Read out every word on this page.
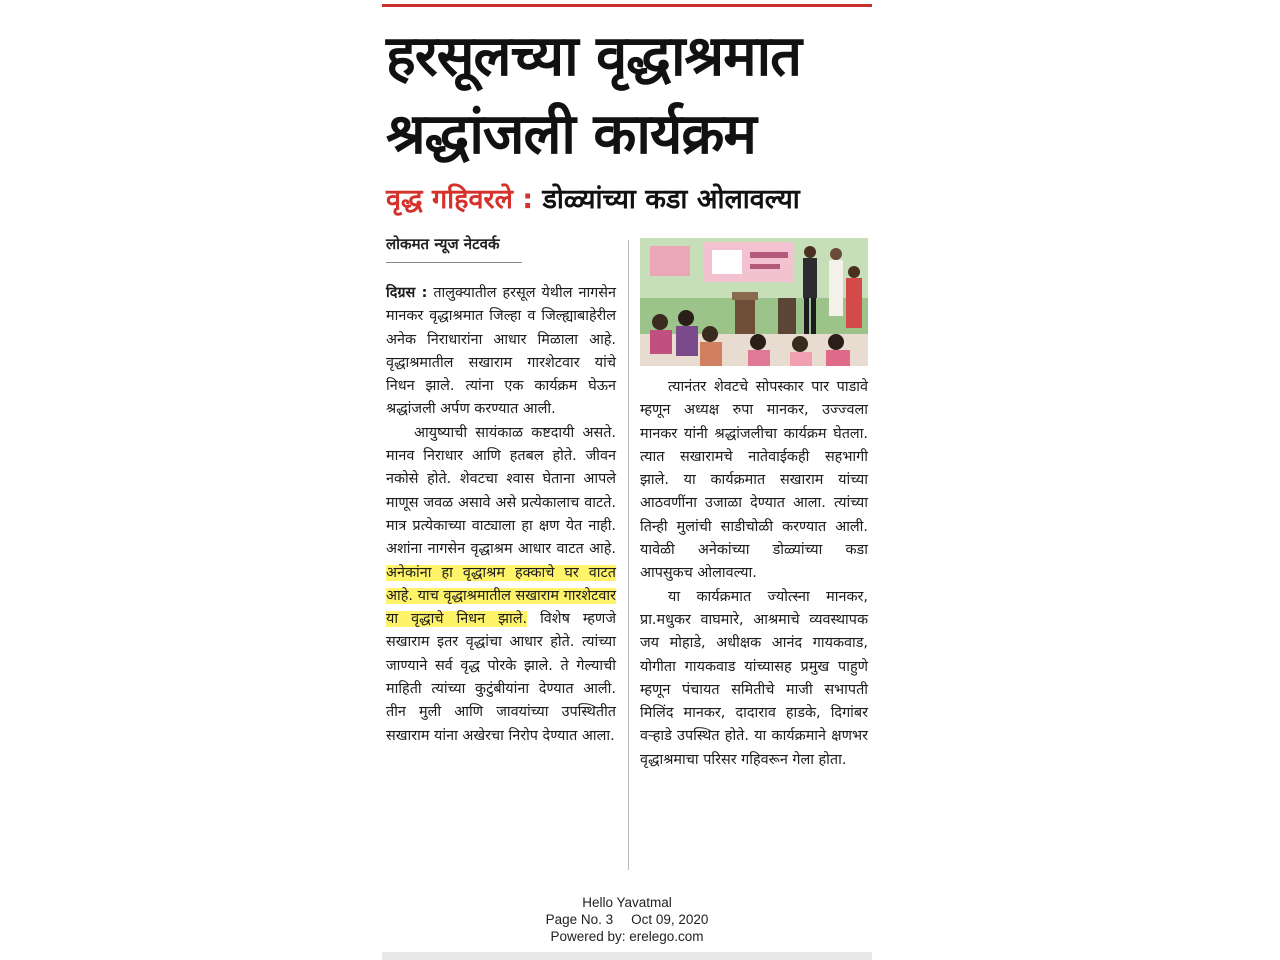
हरसूलच्या वृद्धाश्रमात
श्रद्धांजली कार्यक्रम
वृद्ध गहिवरले : डोळ्यांच्या कडा ओलावल्या
लोकमत न्यूज नेटवर्क

दिग्रस : तालुक्यातील हरसूल येथील नागसेन मानकर वृद्धाश्रमात जिल्हा व जिल्ह्याबाहेरील अनेक निराधारांना आधार मिळाला आहे. वृद्धाश्रमातील सखाराम गारशेटवार यांचे निधन झाले. त्यांना एक कार्यक्रम घेऊन श्रद्धांजली अर्पण करण्यात आली.

आयुष्याची सायंकाळ कष्टदायी असते. मानव निराधार आणि हतबल होते. जीवन नकोसे होते. शेवटचा श्वास घेताना आपले माणूस जवळ असावे असे प्रत्येकालाच वाटते. मात्र प्रत्येकाच्या वाट्याला हा क्षण येत नाही. अशांना नागसेन वृद्धाश्रम आधार वाटत आहे. अनेकांना हा वृद्धाश्रम हक्काचे घर वाटत आहे. याच वृद्धाश्रमातील सखाराम गारशेटवार या वृद्धाचे निधन झाले. विशेष म्हणजे सखाराम इतर वृद्धांचा आधार होते. त्यांच्या जाण्याने सर्व वृद्ध पोरके झाले. ते गेल्याची माहिती त्यांच्या कुटुंबीयांना देण्यात आली. तीन मुली आणि जावयांच्या उपस्थितीत सखाराम यांना अखेरचा निरोप देण्यात आला.

त्यानंतर शेवटचे सोपस्कार पार पाडावे म्हणून अध्यक्ष रुपा मानकर, उज्ज्वला मानकर यांनी श्रद्धांजलीचा कार्यक्रम घेतला. त्यात सखारामचे नातेवाईकही सहभागी झाले. या कार्यक्रमात सखाराम यांच्या आठवणींना उजाळा देण्यात आला. त्यांच्या तिन्ही मुलांची साडीचोळी करण्यात आली. यावेळी अनेकांच्या डोळ्यांच्या कडा आपसुकच ओलावल्या.

या कार्यक्रमात ज्योत्स्ना मानकर, प्रा.मधुकर वाघमारे, आश्रमाचे व्यवस्थापक जय मोहाडे, अधीक्षक आनंद गायकवाड, योगीता गायकवाड यांच्यासह प्रमुख पाहुणे म्हणून पंचायत समितीचे माजी सभापती मिलिंद मानकर, दादाराव हाडके, दिगांबर वऱ्हाडे उपस्थित होते. या कार्यक्रमाने क्षणभर वृद्धाश्रमाचा परिसर गहिवरून गेला होता.

Hello Yavatmal
Page No. 3 Oct 09, 2020
Powered by: erelego.com
